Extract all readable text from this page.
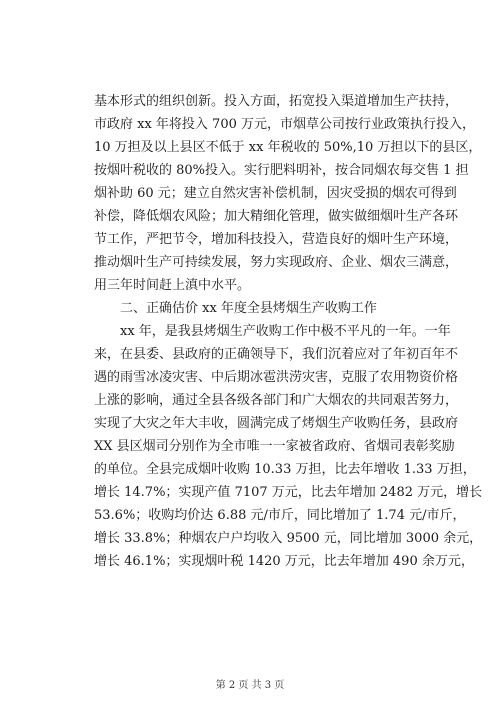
基本形式的组织创新。投入方面，拓宽投入渠道增加生产扶持，
市政府 xx 年将投入 700 万元，市烟草公司按行业政策执行投入，
10 万担及以上县区不低于 xx 年税收的 50%,10 万担以下的县区，
按烟叶税收的 80%投入。实行肥料明补，按合同烟农每交售 1 担
烟补助 60 元；建立自然灾害补偿机制，因灾受损的烟农可得到
补偿，降低烟农风险；加大精细化管理，做实做细烟叶生产各环
节工作，严把节令，增加科技投入，营造良好的烟叶生产环境，
推动烟叶生产可持续发展，努力实现政府、企业、烟农三满意，
用三年时间赶上滇中水平。
二、正确估价 xx 年度全县烤烟生产收购工作
xx 年，是我县烤烟生产收购工作中极不平凡的一年。一年
来，在县委、县政府的正确领导下，我们沉着应对了年初百年不
遇的雨雪冰凌灾害、中后期冰雹洪涝灾害，克服了农用物资价格
上涨的影响，通过全县各级各部门和广大烟农的共同艰苦努力，
实现了大灾之年大丰收，圆满完成了烤烟生产收购任务，县政府
XX 县区烟司分别作为全市唯一一家被省政府、省烟司表彰奖励
的单位。全县完成烟叶收购 10.33 万担，比去年增收 1.33 万担，
增长 14.7%；实现产值 7107 万元，比去年增加 2482 万元，增长
53.6%；收购均价达 6.88 元/市斤，同比增加了 1.74 元/市斤，
增长 33.8%；种烟农户户均收入 9500 元，同比增加 3000 余元，
增长 46.1%；实现烟叶税 1420 万元，比去年增加 490 余万元，
第 2 页 共 3 页
